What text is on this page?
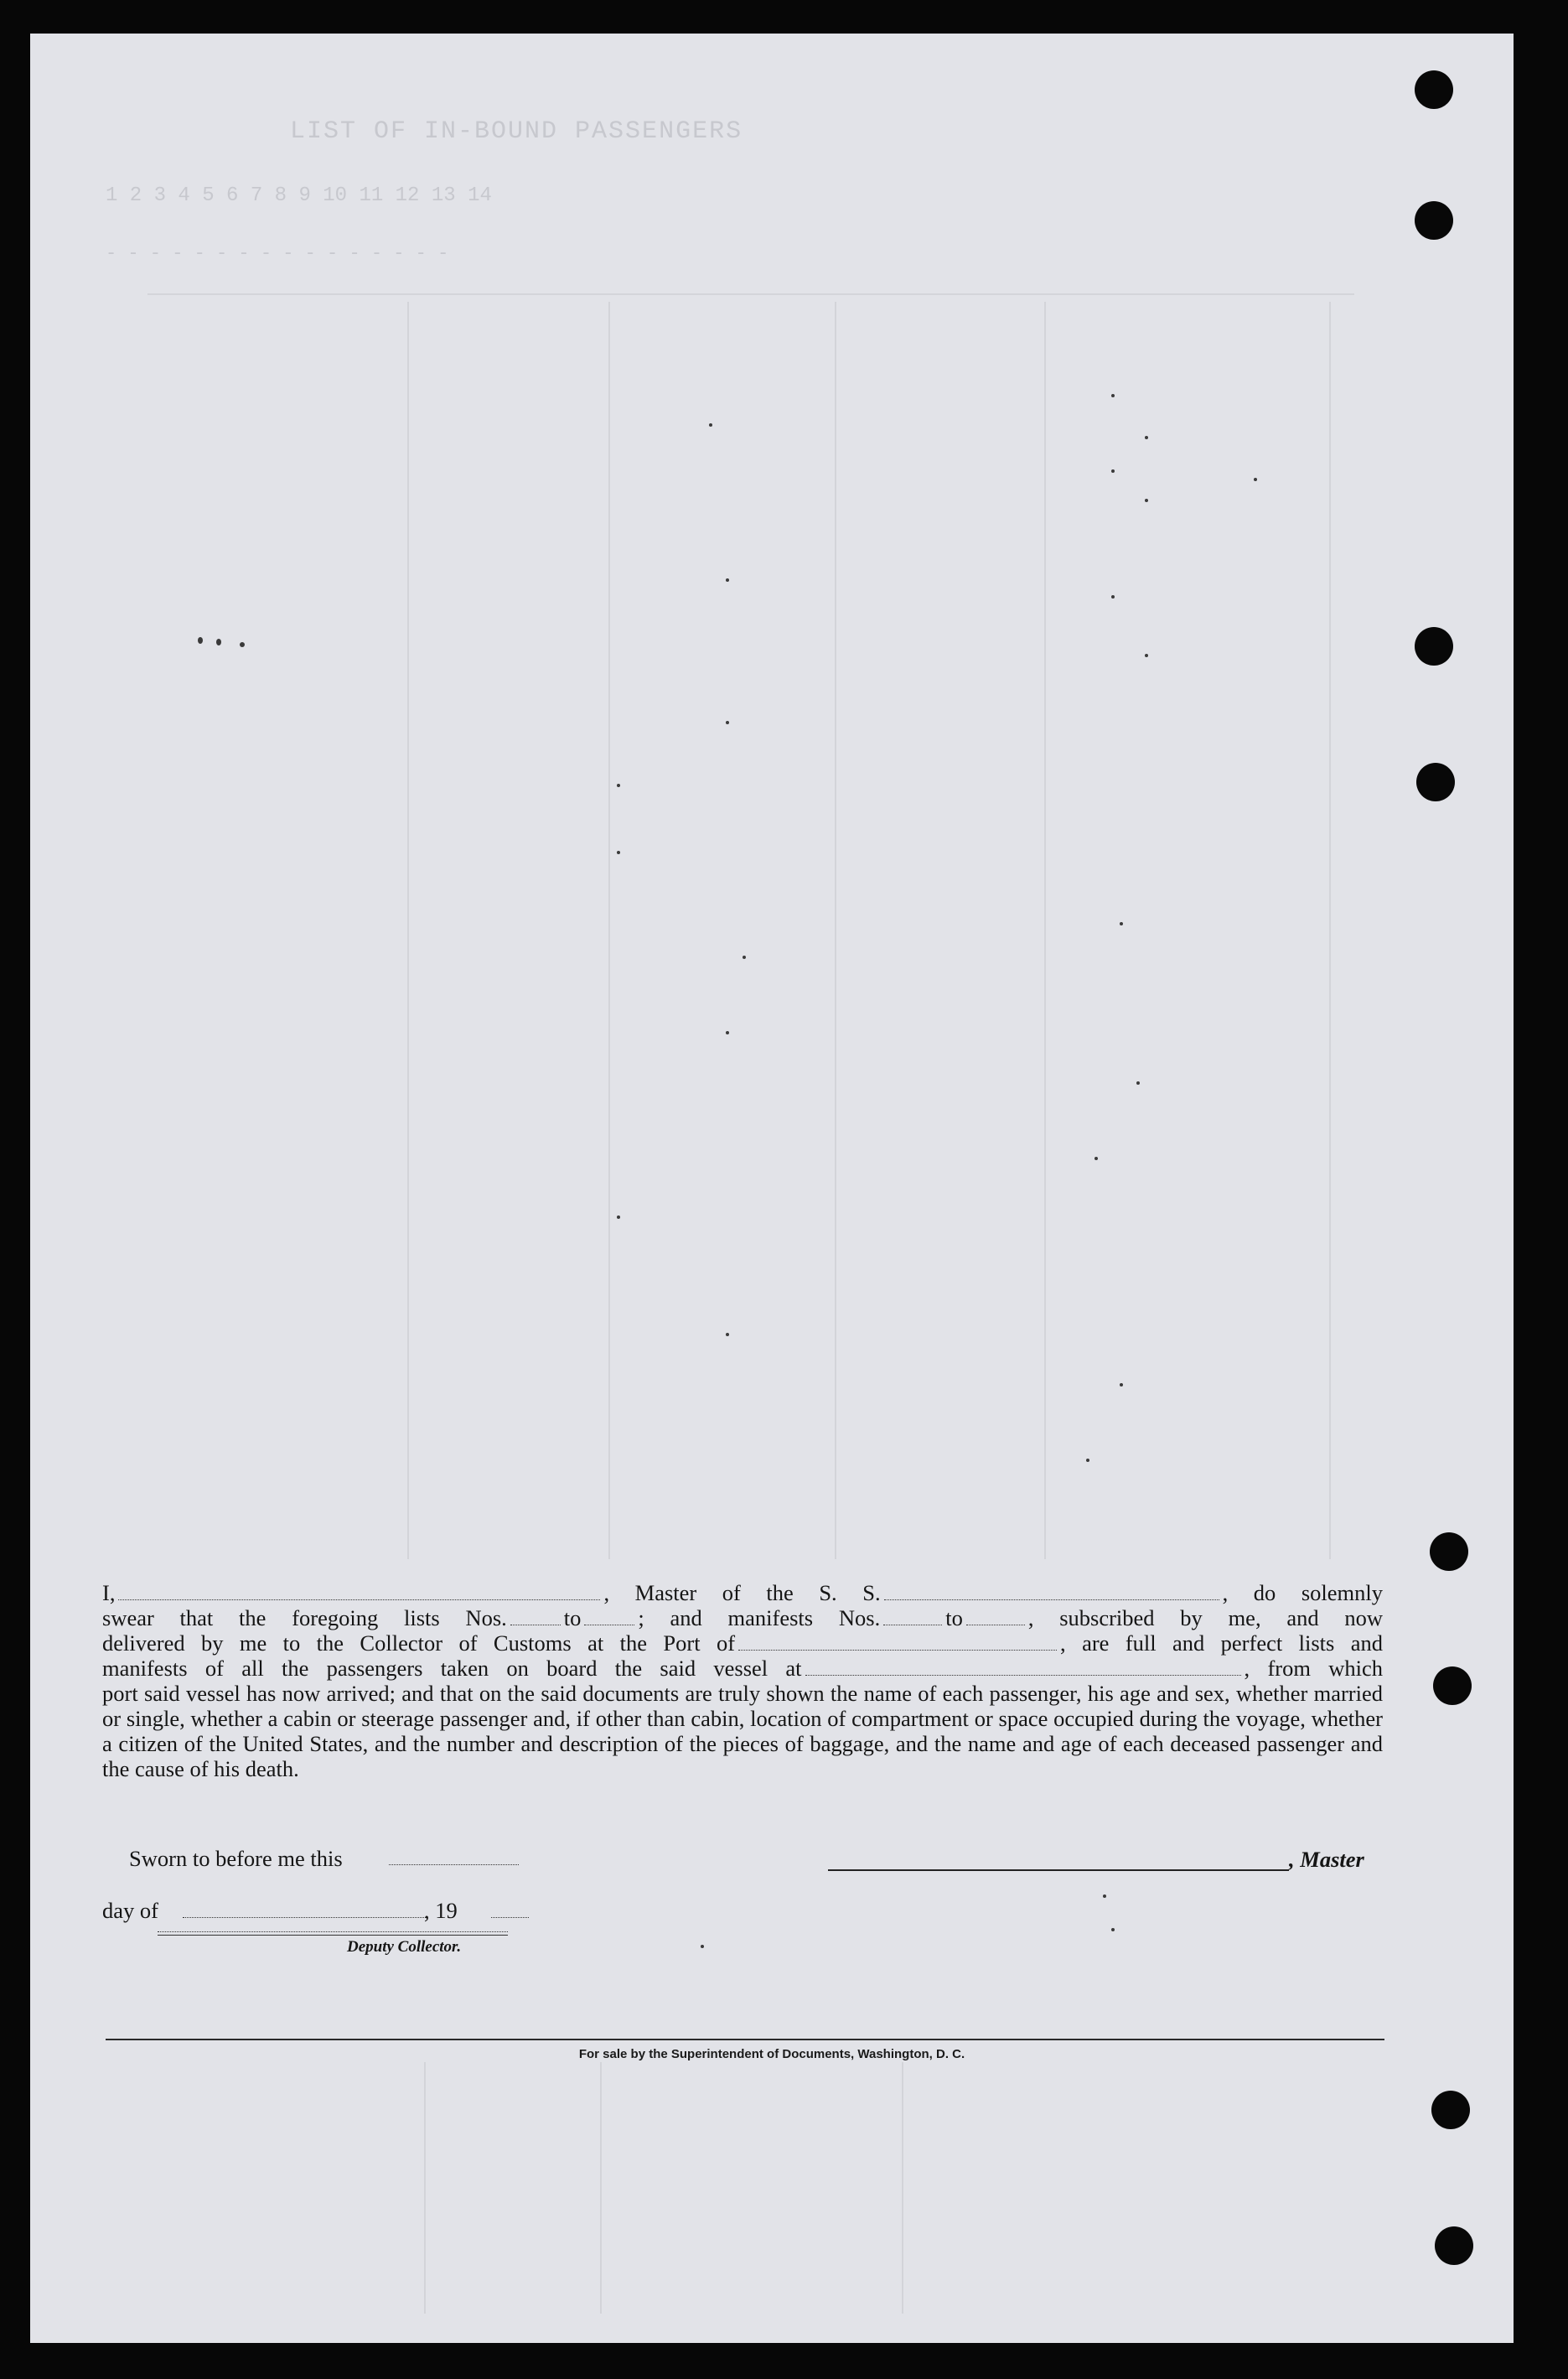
LIST OF IN-BOUND PASSENGERS
1 2 3 4 5 6 7 8 9 10 11 12 13 14
- - - - - - - - - - - - - - - -

I,	, Master of the S. S.	, do solemnly

swear that the foregoing lists Nos.	to	; and manifests Nos.	to	, subscribed by me, and now

delivered by me to the Collector of Customs at the Port of	, are full and perfect lists and

manifests of all the passengers taken on board the said vessel at	, from which

port said vessel has now arrived; and that on the said documents are truly shown the name of each passenger, his age and sex, whether married or single, whether a cabin or steerage passenger and, if other than cabin, location of compartment or space occupied during the voyage, whether a citizen of the United States, and the number and description of the pieces of baggage, and the name and age of each deceased passenger and the cause of his death.

Sworn to before me this	, Master
day of	, 19
Deputy Collector.
For sale by the Superintendent of Documents, Washington, D. C.
